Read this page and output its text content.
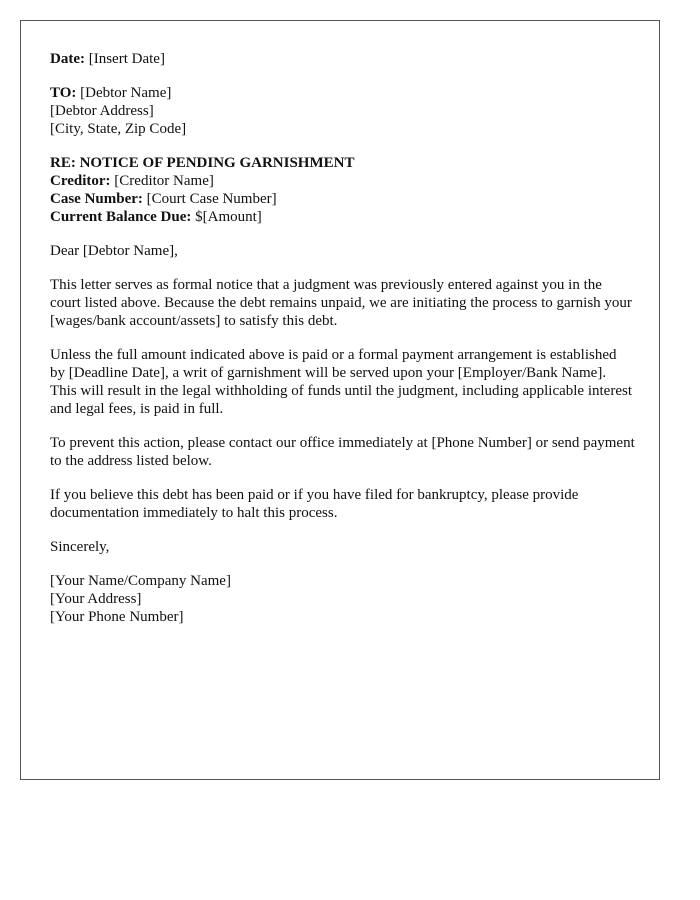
Date: [Insert Date]
TO: [Debtor Name]
[Debtor Address]
[City, State, Zip Code]
RE: NOTICE OF PENDING GARNISHMENT
Creditor: [Creditor Name]
Case Number: [Court Case Number]
Current Balance Due: $[Amount]
Dear [Debtor Name],

This letter serves as formal notice that a judgment was previously entered against you in the court listed above. Because the debt remains unpaid, we are initiating the process to garnish your [wages/bank account/assets] to satisfy this debt.

Unless the full amount indicated above is paid or a formal payment arrangement is established by [Deadline Date], a writ of garnishment will be served upon your [Employer/Bank Name]. This will result in the legal withholding of funds until the judgment, including applicable interest and legal fees, is paid in full.

To prevent this action, please contact our office immediately at [Phone Number] or send payment to the address listed below.

If you believe this debt has been paid or if you have filed for bankruptcy, please provide documentation immediately to halt this process.

Sincerely,
[Your Name/Company Name]
[Your Address]
[Your Phone Number]
